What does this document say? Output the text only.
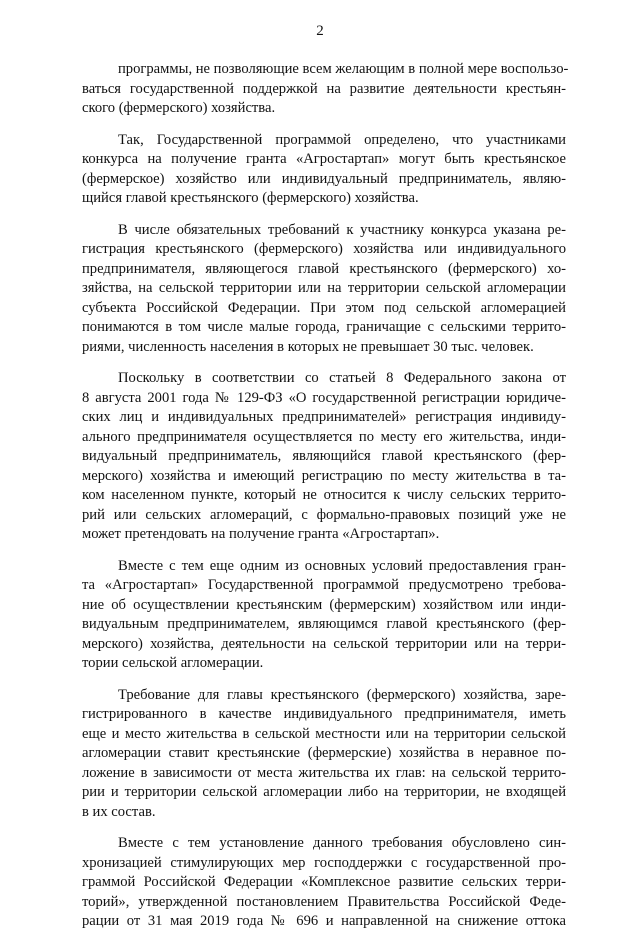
2

программы, не позволяющие всем желающим в полной мере воспользо-
ваться государственной поддержкой на развитие деятельности крестьян-
ского (фермерского) хозяйства.

Так, Государственной программой определено, что участниками
конкурса на получение гранта «Агростартап» могут быть крестьянское
(фермерское) хозяйство или индивидуальный предприниматель, являю-
щийся главой крестьянского (фермерского) хозяйства.

В числе обязательных требований к участнику конкурса указана ре-
гистрация крестьянского (фермерского) хозяйства или индивидуального
предпринимателя, являющегося главой крестьянского (фермерского) хо-
зяйства, на сельской территории или на территории сельской агломерации
субъекта Российской Федерации. При этом под сельской агломерацией
понимаются в том числе малые города, граничащие с сельскими террито-
риями, численность населения в которых не превышает 30 тыс. человек.

Поскольку в соответствии со статьей 8 Федерального закона от
8 августа 2001 года № 129-ФЗ «О государственной регистрации юридиче-
ских лиц и индивидуальных предпринимателей» регистрация индивиду-
ального предпринимателя осуществляется по месту его жительства, инди-
видуальный предприниматель, являющийся главой крестьянского (фер-
мерского) хозяйства и имеющий регистрацию по месту жительства в та-
ком населенном пункте, который не относится к числу сельских террито-
рий или сельских агломераций, с формально-правовых позиций уже не
может претендовать на получение гранта «Агростартап».

Вместе с тем еще одним из основных условий предоставления гран-
та «Агростартап» Государственной программой предусмотрено требова-
ние об осуществлении крестьянским (фермерским) хозяйством или инди-
видуальным предпринимателем, являющимся главой крестьянского (фер-
мерского) хозяйства, деятельности на сельской территории или на терри-
тории сельской агломерации.

Требование для главы крестьянского (фермерского) хозяйства, заре-
гистрированного в качестве индивидуального предпринимателя, иметь
еще и место жительства в сельской местности или на территории сельской
агломерации ставит крестьянские (фермерские) хозяйства в неравное по-
ложение в зависимости от места жительства их глав: на сельской террито-
рии и территории сельской агломерации либо на территории, не входящей
в их состав.

Вместе с тем установление данного требования обусловлено син-
хронизацией стимулирующих мер господдержки с государственной про-
граммой Российской Федерации «Комплексное развитие сельских терри-
торий», утвержденной постановлением Правительства Российской Феде-
рации от 31 мая 2019 года № 696 и направленной на снижение оттока
